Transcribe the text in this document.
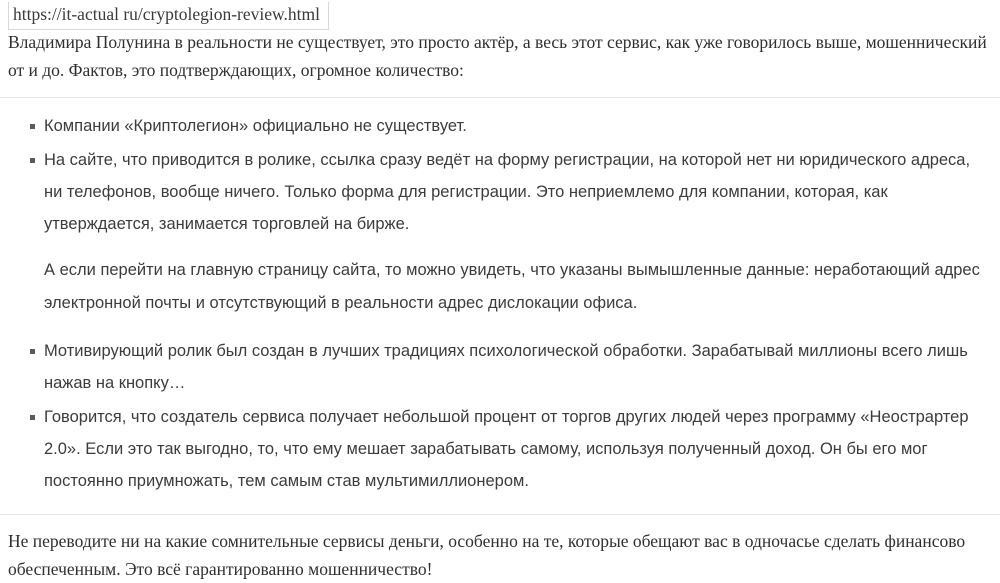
https://it-actual ru/cryptolegion-review.html

Владимира Полунина в реальности не существует, это просто актёр, а весь этот сервис, как уже говорилось выше, мошеннический от и до. Фактов, это подтверждающих, огромное количество:

Компании «Криптолегион» официально не существует.
На сайте, что приводится в ролике, ссылка сразу ведёт на форму регистрации, на которой нет ни юридического адреса, ни телефонов, вообще ничего. Только форма для регистрации. Это неприемлемо для компании, которая, как утверждается, занимается торговлей на бирже.
А если перейти на главную страницу сайта, то можно увидеть, что указаны вымышленные данные: неработающий адрес электронной почты и отсутствующий в реальности адрес дислокации офиса.
Мотивирующий ролик был создан в лучших традициях психологической обработки. Зарабатывай миллионы всего лишь нажав на кнопку…
Говорится, что создатель сервиса получает небольшой процент от торгов других людей через программу «Неострартер 2.0». Если это так выгодно, то, что ему мешает зарабатывать самому, используя полученный доход. Он бы его мог постоянно приумножать, тем самым став мультимиллионером.

Не переводите ни на какие сомнительные сервисы деньги, особенно на те, которые обещают вас в одночасье сделать финансово обеспеченным. Это всё гарантированно мошенничество!
